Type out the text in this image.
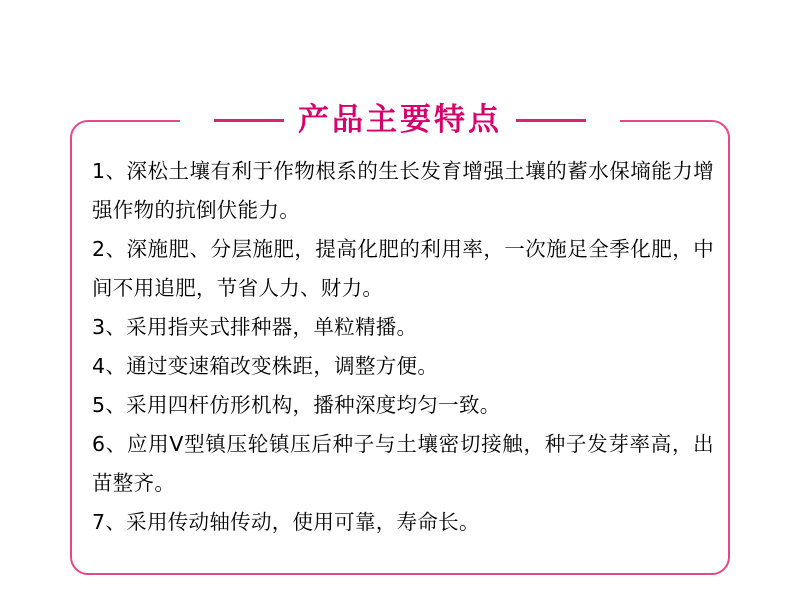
产品主要特点
1、深松土壤有利于作物根系的生长发育增强土壤的蓄水保墒能力增强作物的抗倒伏能力。
2、深施肥、分层施肥，提高化肥的利用率，一次施足全季化肥，中间不用追肥，节省人力、财力。
3、采用指夹式排种器，单粒精播。
4、通过变速箱改变株距，调整方便。
5、采用四杆仿形机构，播种深度均匀一致。
6、应用V型镇压轮镇压后种子与土壤密切接触，种子发芽率高，出苗整齐。
7、采用传动轴传动，使用可靠，寿命长。
